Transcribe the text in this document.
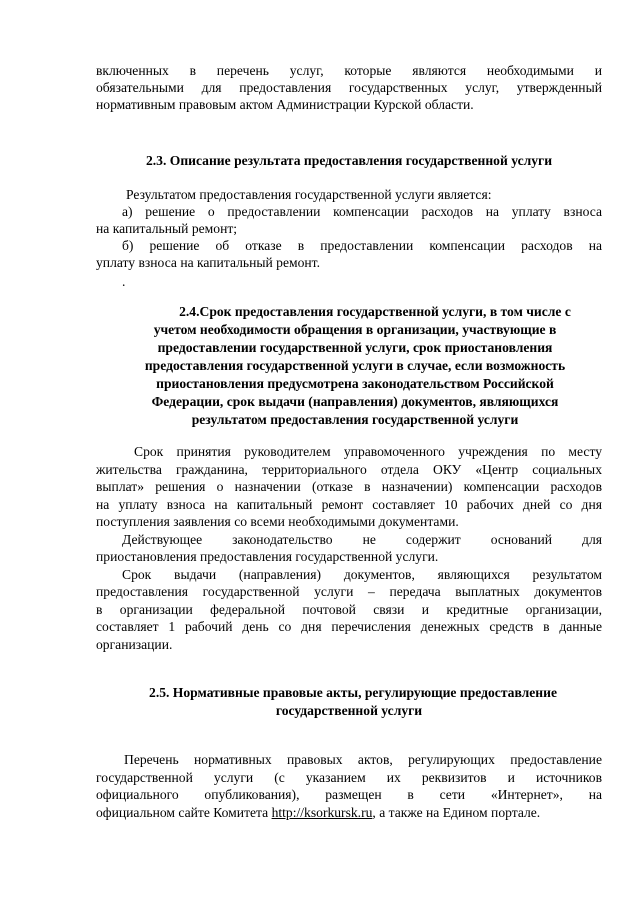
включенных в перечень услуг, которые являются необходимыми и

обязательными для предоставления государственных услуг, утвержденный

нормативным правовым актом Администрации Курской области.

2.3. Описание результата предоставления государственной услуги

Результатом предоставления государственной услуги является:

а) решение о предоставлении компенсации расходов на уплату взноса

на капитальный ремонт;

б) решение об отказе в предоставлении компенсации расходов на

уплату взноса на капитальный ремонт.

.

2.4.Срок предоставления государственной услуги, в том числе с

учетом необходимости обращения в организации, участвующие в

предоставлении государственной услуги, срок приостановления

предоставления государственной услуги в случае, если возможность

приостановления предусмотрена законодательством Российской

Федерации, срок выдачи (направления) документов, являющихся

результатом предоставления государственной услуги

Срок принятия руководителем управомоченного учреждения по месту

жительства гражданина, территориального отдела ОКУ «Центр социальных

выплат» решения о назначении (отказе в назначении) компенсации расходов

на уплату взноса на капитальный ремонт составляет 10 рабочих дней со дня

поступления заявления со всеми необходимыми документами.

Действующее законодательство не содержит оснований для

приостановления предоставления государственной услуги.

Срок выдачи (направления) документов, являющихся результатом

предоставления государственной услуги – передача выплатных документов

в организации федеральной почтовой связи и кредитные организации,

составляет 1 рабочий день со дня перечисления денежных средств в данные

организации.

2.5. Нормативные правовые акты, регулирующие предоставление

государственной услуги

Перечень нормативных правовых актов, регулирующих предоставление

государственной услуги (с указанием их реквизитов и источников

официального опубликования), размещен в сети «Интернет», на

официальном сайте Комитета http://ksorkursk.ru, а также на Едином портале.
